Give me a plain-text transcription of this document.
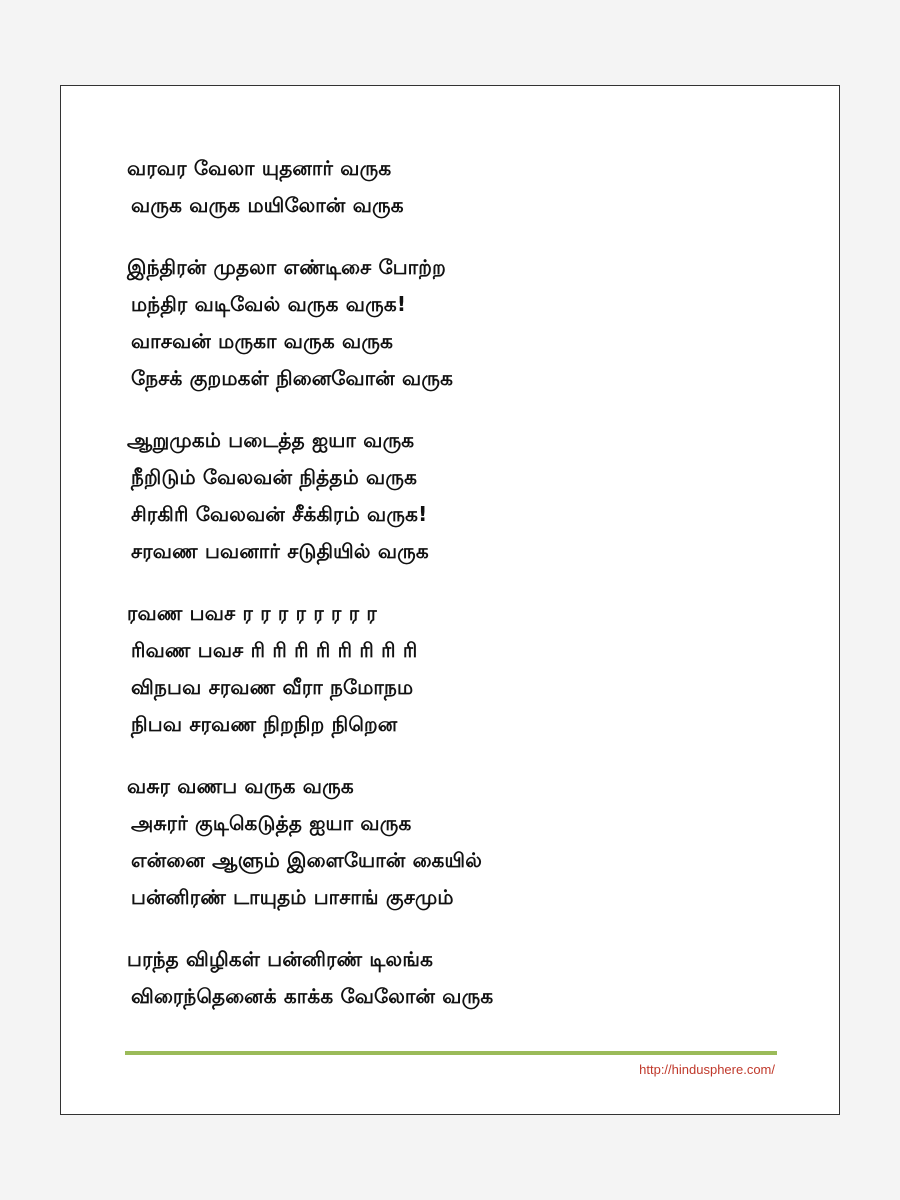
வரவர வேலா யுதனார் வருக
வருக வருக மயிலோன் வருக
இந்திரன் முதலா எண்டிசை போற்ற
மந்திர வடிவேல் வருக வருக!
வாசவன் மருகா வருக வருக
நேசக் குறமகள் நினைவோன் வருக
ஆறுமுகம் படைத்த ஐயா வருக
நீறிடும் வேலவன் நித்தம் வருக
சிரகிரி வேலவன் சீக்கிரம் வருக!
சரவண பவனார் சடுதியில் வருக
ரவண பவச ர ர ர ர ர ர ர ர
ரிவண பவச ரி ரி ரி ரி ரி ரி ரி ரி
விநபவ சரவண வீரா நமோநம
நிபவ சரவண நிறநிற நிறென
வசுர வணப வருக வருக
அசுரர் குடிகெடுத்த ஐயா வருக
என்னை ஆளும் இளையோன் கையில்
பன்னிரண் டாயுதம் பாசாங் குசமும்
பரந்த விழிகள் பன்னிரண் டிலங்க
விரைந்தெனைக் காக்க வேலோன் வருக
http://hindusphere.com/
